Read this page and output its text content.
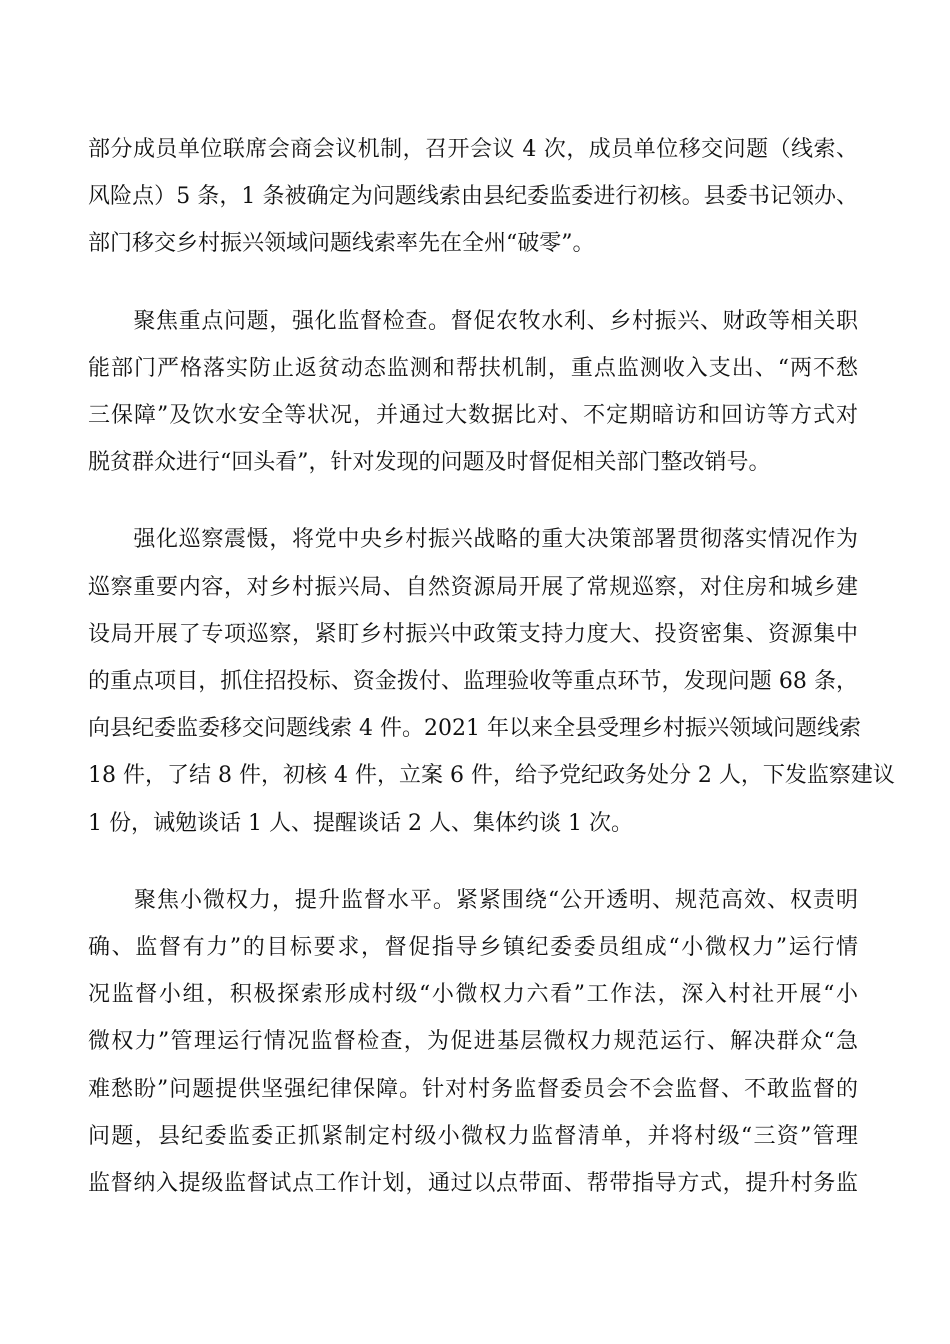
部分成员单位联席会商会议机制，召开会议 4 次，成员单位移交问题（线索、
风险点）5 条，1 条被确定为问题线索由县纪委监委进行初核。县委书记领办、
部门移交乡村振兴领域问题线索率先在全州“破零”。
　　聚焦重点问题，强化监督检查。督促农牧水利、乡村振兴、财政等相关职
能部门严格落实防止返贫动态监测和帮扶机制，重点监测收入支出、“两不愁
三保障”及饮水安全等状况，并通过大数据比对、不定期暗访和回访等方式对
脱贫群众进行“回头看”，针对发现的问题及时督促相关部门整改销号。
　　强化巡察震慑，将党中央乡村振兴战略的重大决策部署贯彻落实情况作为
巡察重要内容，对乡村振兴局、自然资源局开展了常规巡察，对住房和城乡建
设局开展了专项巡察，紧盯乡村振兴中政策支持力度大、投资密集、资源集中
的重点项目，抓住招投标、资金拨付、监理验收等重点环节，发现问题 68 条，
向县纪委监委移交问题线索 4 件。2021 年以来全县受理乡村振兴领域问题线索
18 件，了结 8 件，初核 4 件，立案 6 件，给予党纪政务处分 2 人，下发监察建议
1 份，诫勉谈话 1 人、提醒谈话 2 人、集体约谈 1 次。
　　聚焦小微权力，提升监督水平。紧紧围绕“公开透明、规范高效、权责明
确、监督有力”的目标要求，督促指导乡镇纪委委员组成“小微权力”运行情
况监督小组，积极探索形成村级“小微权力六看”工作法，深入村社开展“小
微权力”管理运行情况监督检查，为促进基层微权力规范运行、解决群众“急
难愁盼”问题提供坚强纪律保障。针对村务监督委员会不会监督、不敢监督的
问题，县纪委监委正抓紧制定村级小微权力监督清单，并将村级“三资”管理
监督纳入提级监督试点工作计划，通过以点带面、帮带指导方式，提升村务监
